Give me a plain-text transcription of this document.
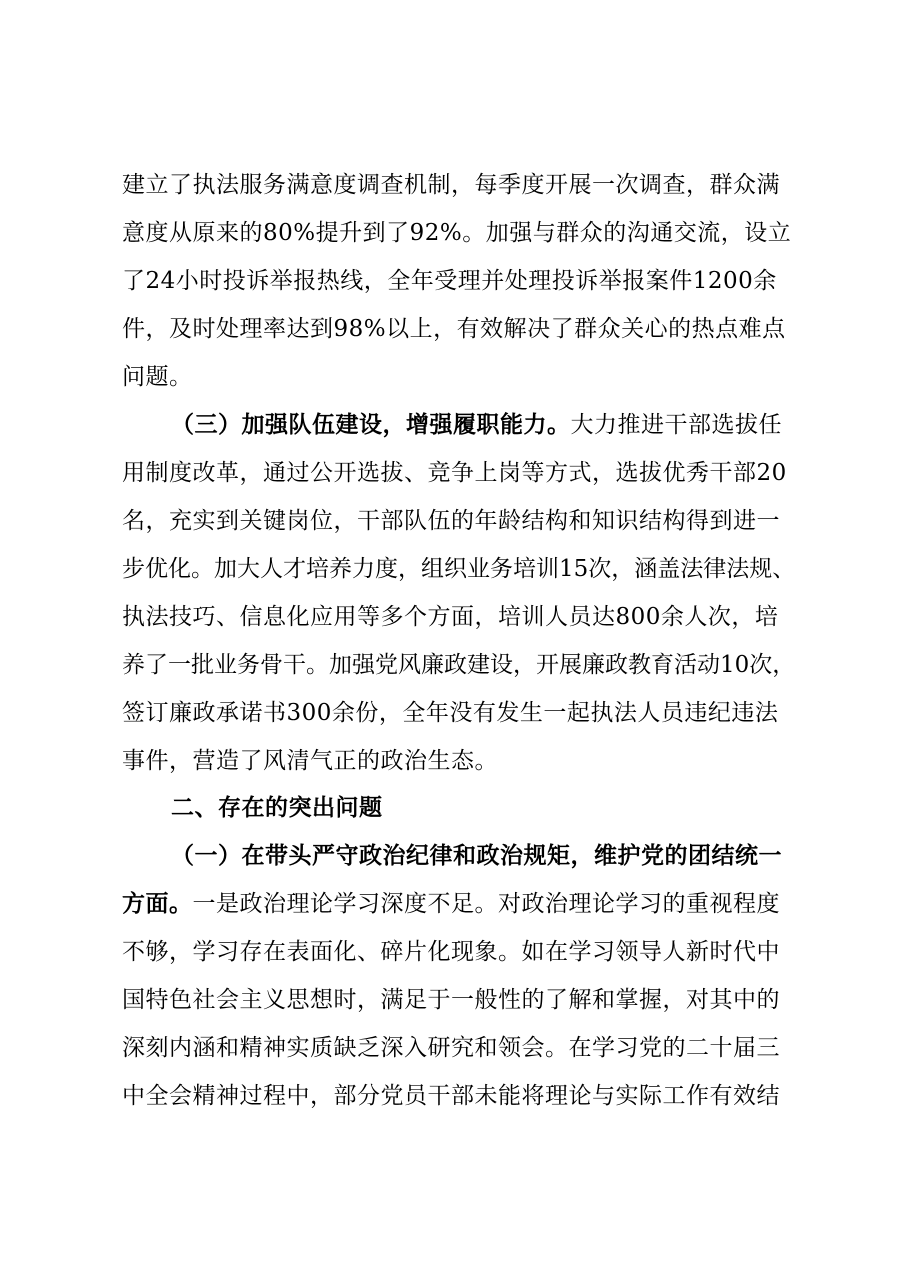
建立了执法服务满意度调查机制，每季度开展一次调查，群众满
意度从原来的80%提升到了92%。加强与群众的沟通交流，设立
了24小时投诉举报热线，全年受理并处理投诉举报案件1200余
件，及时处理率达到98%以上，有效解决了群众关心的热点难点
问题。
（三）加强队伍建设，增强履职能力。大力推进干部选拔任
用制度改革，通过公开选拔、竞争上岗等方式，选拔优秀干部20
名，充实到关键岗位，干部队伍的年龄结构和知识结构得到进一
步优化。加大人才培养力度，组织业务培训15次，涵盖法律法规、
执法技巧、信息化应用等多个方面，培训人员达800余人次，培
养了一批业务骨干。加强党风廉政建设，开展廉政教育活动10次，
签订廉政承诺书300余份，全年没有发生一起执法人员违纪违法
事件，营造了风清气正的政治生态。
二、存在的突出问题
（一）在带头严守政治纪律和政治规矩，维护党的团结统一
方面。一是政治理论学习深度不足。对政治理论学习的重视程度
不够，学习存在表面化、碎片化现象。如在学习领导人新时代中
国特色社会主义思想时，满足于一般性的了解和掌握，对其中的
深刻内涵和精神实质缺乏深入研究和领会。在学习党的二十届三
中全会精神过程中，部分党员干部未能将理论与实际工作有效结
